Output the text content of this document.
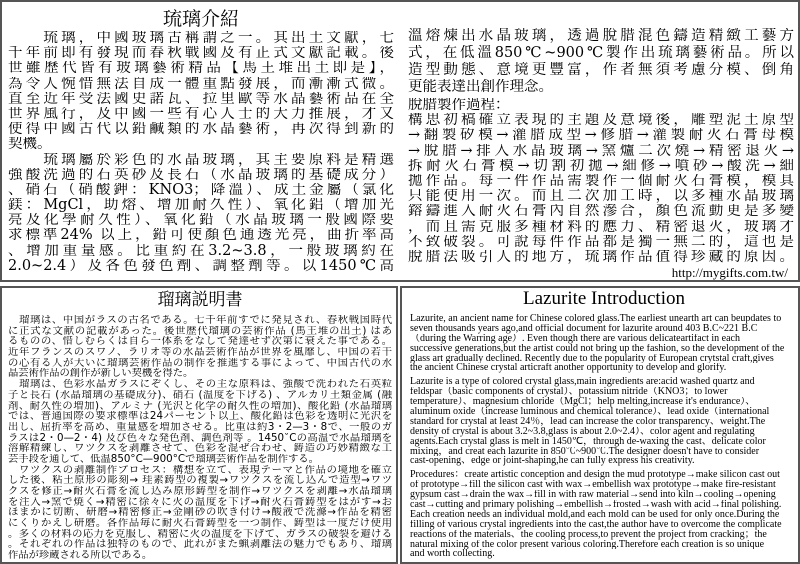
琉璃介紹
　　琉璃，中國玻璃古稱謂之一。其出土文獻，七
千年前即有發現而春秋戰國及有正式文獻記載。後
世雖歷代皆有玻璃藝術精品【馬王堆出土即是】，
為令人惋惜無法自成一體重點發展，而漸漸式微。
直至近年受法國史諾瓦、拉里歐等水晶藝術品在全
世界風行，及中國一些有心人士的大力推展，才又
使得中國古代以鉛鹹類的水晶藝術，再次得到新的
契機。
　　琉璃屬於彩色的水晶玻璃，其主要原料是精選
強酸洗過的石英砂及長石（水晶玻璃的基礎成分）
、硝石（硝酸鉀：KNO3；降溫）、成土金屬（氯化
鎂：MgCl，助熔、增加耐久性）、氧化鋁（增加光
亮及化學耐久性）、氧化鉛（水晶玻璃一般國際要
求標準24% 以上，鉛可使顏色通透光亮，曲折率高
、增加重量感。比重約在3.2~3.8，一般玻璃約在
2.0~2.4）及各色發色劑、調整劑等。以1450℃高
溫熔煉出水晶玻璃，透過脫腊混色鑄造精緻工藝方
式，在低溫850℃~900℃製作出琉璃藝術品。所以
造型動態、意境更豐富，作者無須考慮分模、倒角
更能表達出創作理念。
脫腊製作過程：
構思初稿確立表現的主題及意境後，雕塑泥土原型
→翻製矽模→灌腊成型→修腊→灌製耐火石膏母模
→脫腊→排入水晶玻璃→窯爐二次燒→精密退火→
拆耐火石膏模→切割初拋→細修→噴砂→酸洗→細
拋作品。每一件作品需製作一個耐火石膏模，模具
只能使用一次。而且二次加工時，以多種水晶玻璃
鎔鑄進入耐火石膏內自然滲合，顏色流動更是多變
，而且需克服多種材料的應力、精密退火，玻璃才
不致破裂。可說每件作品都是獨一無二的，這也是
脫腊法吸引人的地方，琉璃作品值得珍藏的原因。
http://mygifts.com.tw/
瑠璃説明書
　瑠璃は、中国がラスの古名である。七千年前すでに発見され、春秋戦国時代
に正式な文献の記載があった。後世歴代瑠璃の芸術作品 (馬王堆の出土) はあ
るものの、惜しむらくは自ら一体系をなして発達せず次第に衰えた事である。
近年フランスのスワノ、ラリオ等の水晶芸術作品が世界を風靡し、中国の若干
の心有る人が大いに瑠璃芸術作品の制作を推進する事によって、中国古代の水
晶芸術作品の創作が新しい契機を得た。
　瑠璃は、色彩水晶ガラスにぞくし、その主な原料は、強酸で洗われた石英粒
子と長石 (水晶瑠璃の基礎成分)、硝石 (温度を下げる) 、アルカリ土類金属 (融
剤、耐久性の増加)、アルミナ (光沢と化学の耐久性の増加)、酸化鉛 (水晶瑠璃
では、普通国際の要求標準は24パーセント以上、酸化鉛は色彩を透明に光沢を
出し、屈折率を高め、重量感を増加させる。比重は約3・2—3・8で、一般のガ
ラスは2・0—2・4) 及び色々な発色剤、調色剤等 。1450˚Cの高温で水晶瑠璃を
溶解精練し、ワツクスを剥離させて、色彩を混ぜ合わせ、鋳造の巧妙精緻な工
芸手段を通して、低温850°C—900°Cで瑠璃芸術作品を制作する。
　ワツクスの剥離制作プロセス：構想を立て、表現テーマと作品の境地を確立
した後、粘土原形の彫刻→ 珪素鋳型の複製→ワツクスを流し込んで造型→ワツ
クスを修正→耐火石膏を流し込み原形鋳型を制作→ワツクスを剥離→水晶瑠璃
を注入→窯で焼く→精密に徐々に火の温度を下げ→耐火石膏鋳型をはがす→お
ほまかに切断、研磨→精密修正→金剛砂の吹き付け→酸液で洗滌→作品を精密
にくりかえし研磨。各作品毎に耐火石膏鋳型を一つ制作、鋳型は一度だけ使用
。多くの材料の応力を克服し、精密に火の温度を下げて、ガラスの破裂を避ける
。それぞれの作品は独特のもので、此れがまた蝋剥離法の魅力でもあり、瑠璃
作品が珍蔵される所以である。
Lazurite Introduction
Lazurite, an ancient name for Chinese colored glass.The earliest unearth art can beupdates to
seven thousands years ago,and official document for lazurite around 403 B.C~221 B.C
（during the Warring age）. Even though there are various delicateartifact in each
successive generations,but the artist could not bring up the fashion, so the development of the
glass art gradually declined. Recently due to the popularity of European crytstal craft,gives
the ancient Chinese crystal articraft another opportunity to develop and glorify.
Lazurite is a type of colored crystal glass,main ingredients are:acid washed quartz and
feldspar（basic components of crystal）、potassium nitride（KNO3；to lower
temperature）、magnesium chloride（MgCl；help melting,increase it's endurance）、
aluminum oxide（increase luminous and chemical tolerance）、lead oxide（international
standard for crystal at least 24％，lead can increase the color transparency、weight.The
density of crystal is about 3.2~3.8,glass is about 2.0~2.4）、color agent and regulating
agents.Each crystal glass is melt in 1450℃，through de-waxing the cast、delicate color
mixing，and creat each lazurite in 850℃~900℃.The designer doesn't have to consider
cast-opening、edge or joint-shaping,he can fully express his creativity.
Procedures：create artistic conception and design the mud prototype→make silicon cast out
of prototype→fill the silicon cast with wax→embellish wax prototype→make fire-resistant
gypsum cast→drain the wax→fill in with raw material→send into kiln→cooling→opening
cast→cutting and primary polishing→embellish→frosted→wash with acid→final polishing.
Each creation needs an individual mold,and each mold can be used for only once.During the
filling of various crystal ingredients into the cast,the author have to overcome the complicate
reactions of the materials、the cooling process,to prevent the project from cracking；the
natural mixing of the color present various coloring.Therefore each creation is so unique
and worth collecting.
